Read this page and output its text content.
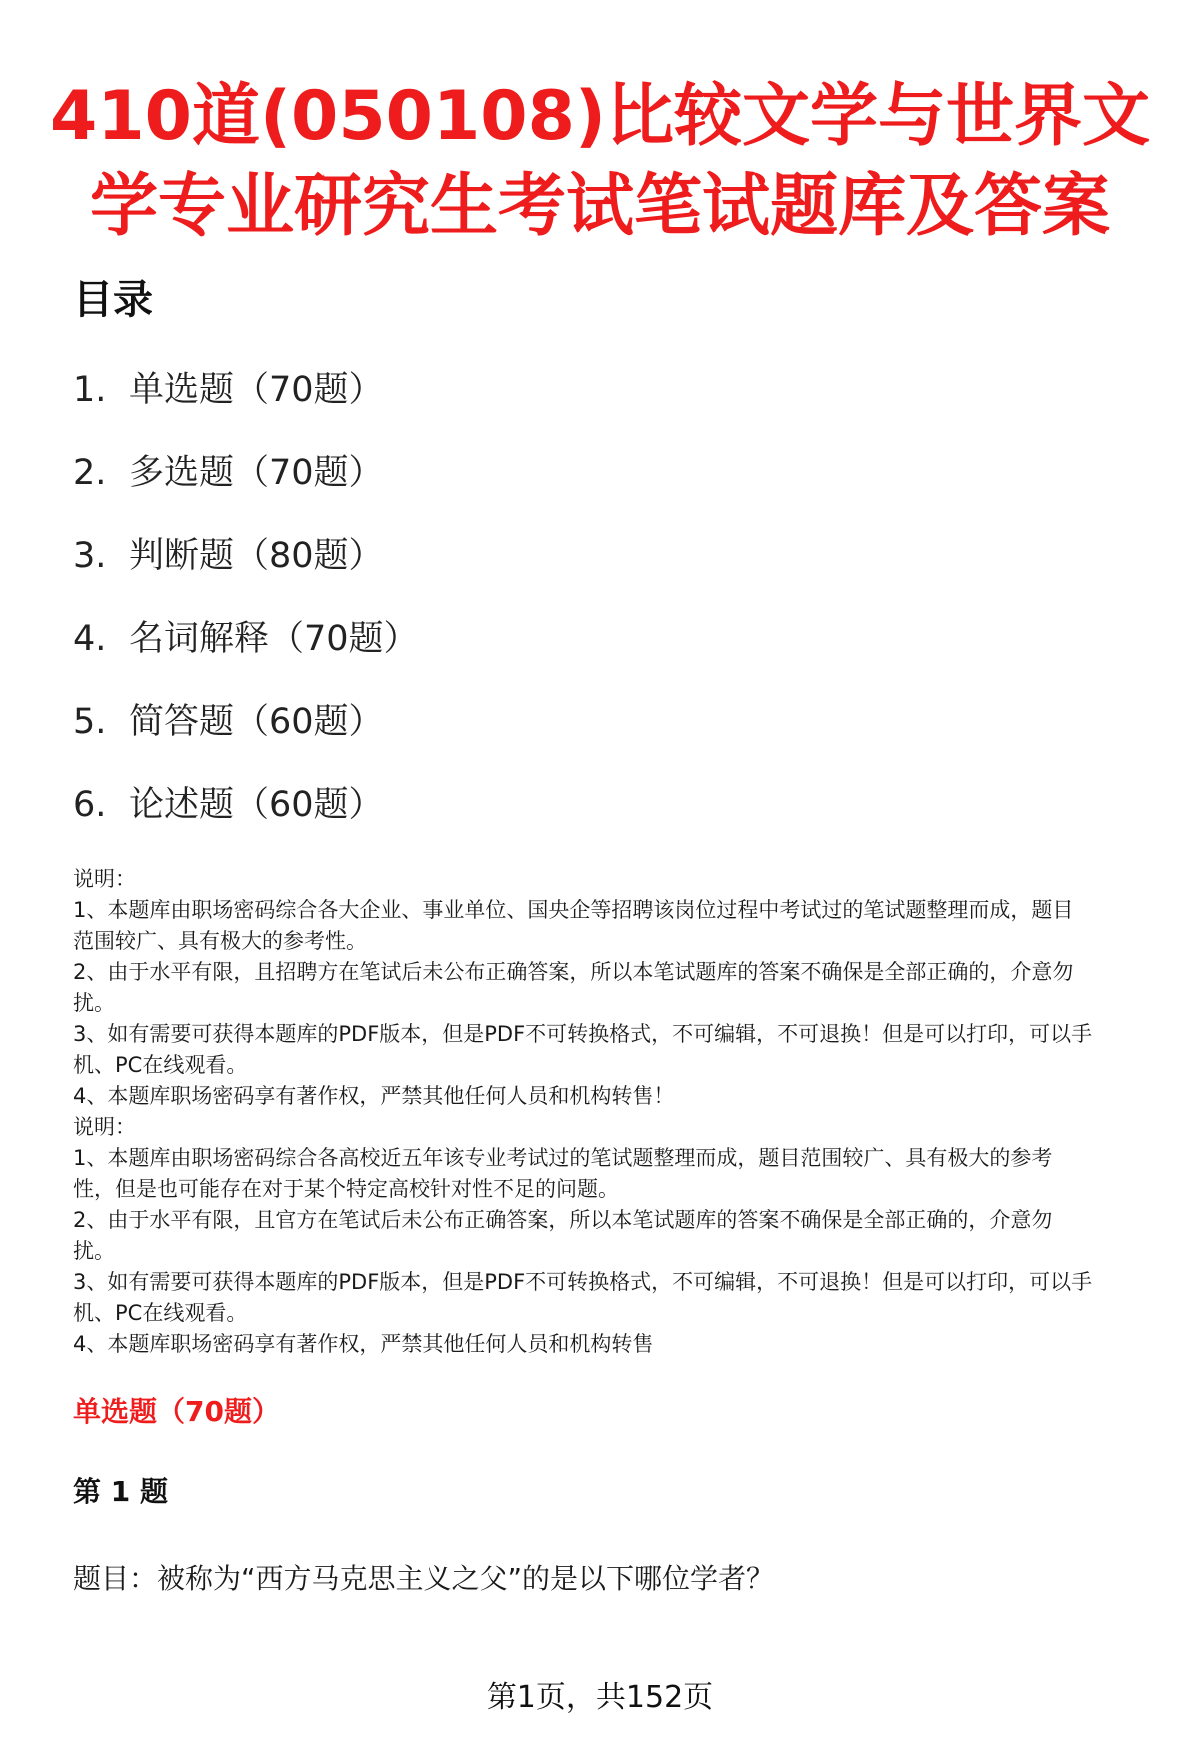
410道(050108)比较文学与世界文
学专业研究生考试笔试题库及答案
目录
1. 单选题（70题）
2. 多选题（70题）
3. 判断题（80题）
4. 名词解释（70题）
5. 简答题（60题）
6. 论述题（60题）

说明：

1、本题库由职场密码综合各大企业、事业单位、国央企等招聘该岗位过程中考试过的笔试题整理而成，题目

范围较广、具有极大的参考性。

2、由于水平有限，且招聘方在笔试后未公布正确答案，所以本笔试题库的答案不确保是全部正确的，介意勿

扰。

3、如有需要可获得本题库的PDF版本，但是PDF不可转换格式，不可编辑，不可退换！但是可以打印，可以手

机、PC在线观看。

4、本题库职场密码享有著作权，严禁其他任何人员和机构转售！

说明：

1、本题库由职场密码综合各高校近五年该专业考试过的笔试题整理而成，题目范围较广、具有极大的参考

性，但是也可能存在对于某个特定高校针对性不足的问题。

2、由于水平有限，且官方在笔试后未公布正确答案，所以本笔试题库的答案不确保是全部正确的，介意勿

扰。

3、如有需要可获得本题库的PDF版本，但是PDF不可转换格式，不可编辑，不可退换！但是可以打印，可以手

机、PC在线观看。

4、本题库职场密码享有著作权，严禁其他任何人员和机构转售

单选题（70题）
第 1 题

题目：被称为“西方马克思主义之父”的是以下哪位学者？

第1页，共152页
